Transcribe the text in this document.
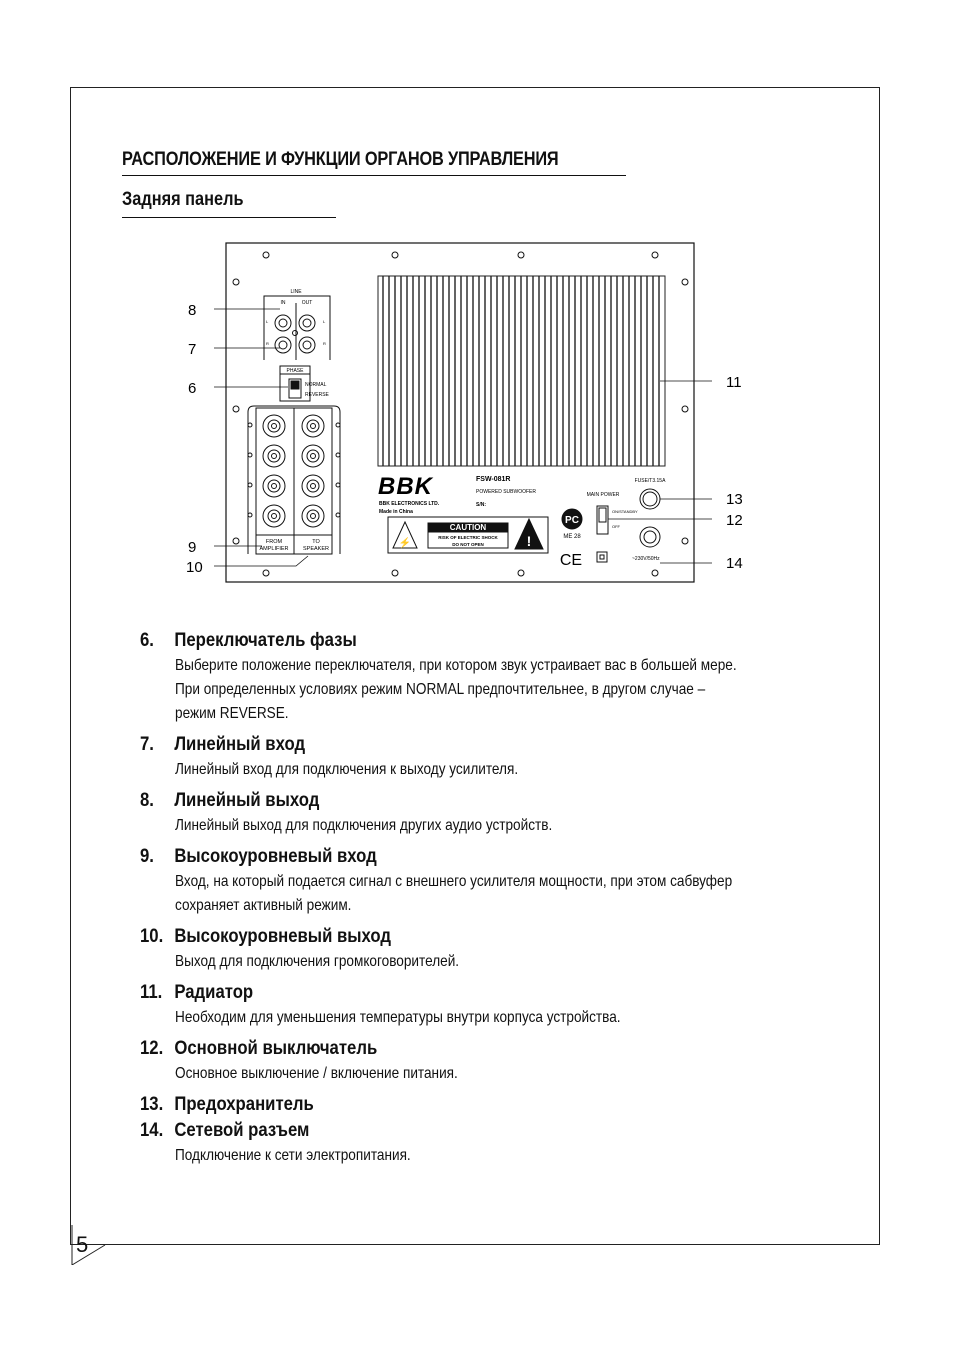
5
РАСПОЛОЖЕНИЕ И ФУНКЦИИ ОРГАНОВ УПРАВЛЕНИЯ
Задняя панель
LINE
IN	OUT
L
R
L
R
PHASE
NORMAL
REVERSE
FROM
AMPLIFIER
TO
SPEAKER
BBK
BBK ELECTRONICS LTD.
Made in China
FSW-081R
POWERED SUBWOOFER
S/N:
CAUTION
RISK OF ELECTRIC SHOCK
DO NOT OPEN
⚡	!
PC
ME 28
CE
MAIN POWER
ON/STANDBY
OFF
FUSE/T3.15A
~230V/50Hz
8
7
6
9
10
11
13
12
14
6.	Переключатель фазы

Выберите положение переключателя, при котором звук устраивает вас в большей мере.

При определенных условиях режим NORMAL предпочтительнее, в другом случае –

режим REVERSE.

7.	Линейный вход

Линейный вход для подключения к выходу усилителя.

8.	Линейный выход

Линейный выход для подключения других аудио устройств.

9.	Высокоуровневый вход

Вход, на который подается сигнал с внешнего усилителя мощности, при этом сабвуфер

сохраняет активный режим.

10. Высокоуровневый выход

Выход для подключения громкоговорителей.

11. Радиатор

Необходим для уменьшения температуры внутри корпуса устройства.

12. Основной выключатель

Основное выключение / включение питания.

13. Предохранитель
14. Сетевой разъем

Подключение к сети электропитания.
